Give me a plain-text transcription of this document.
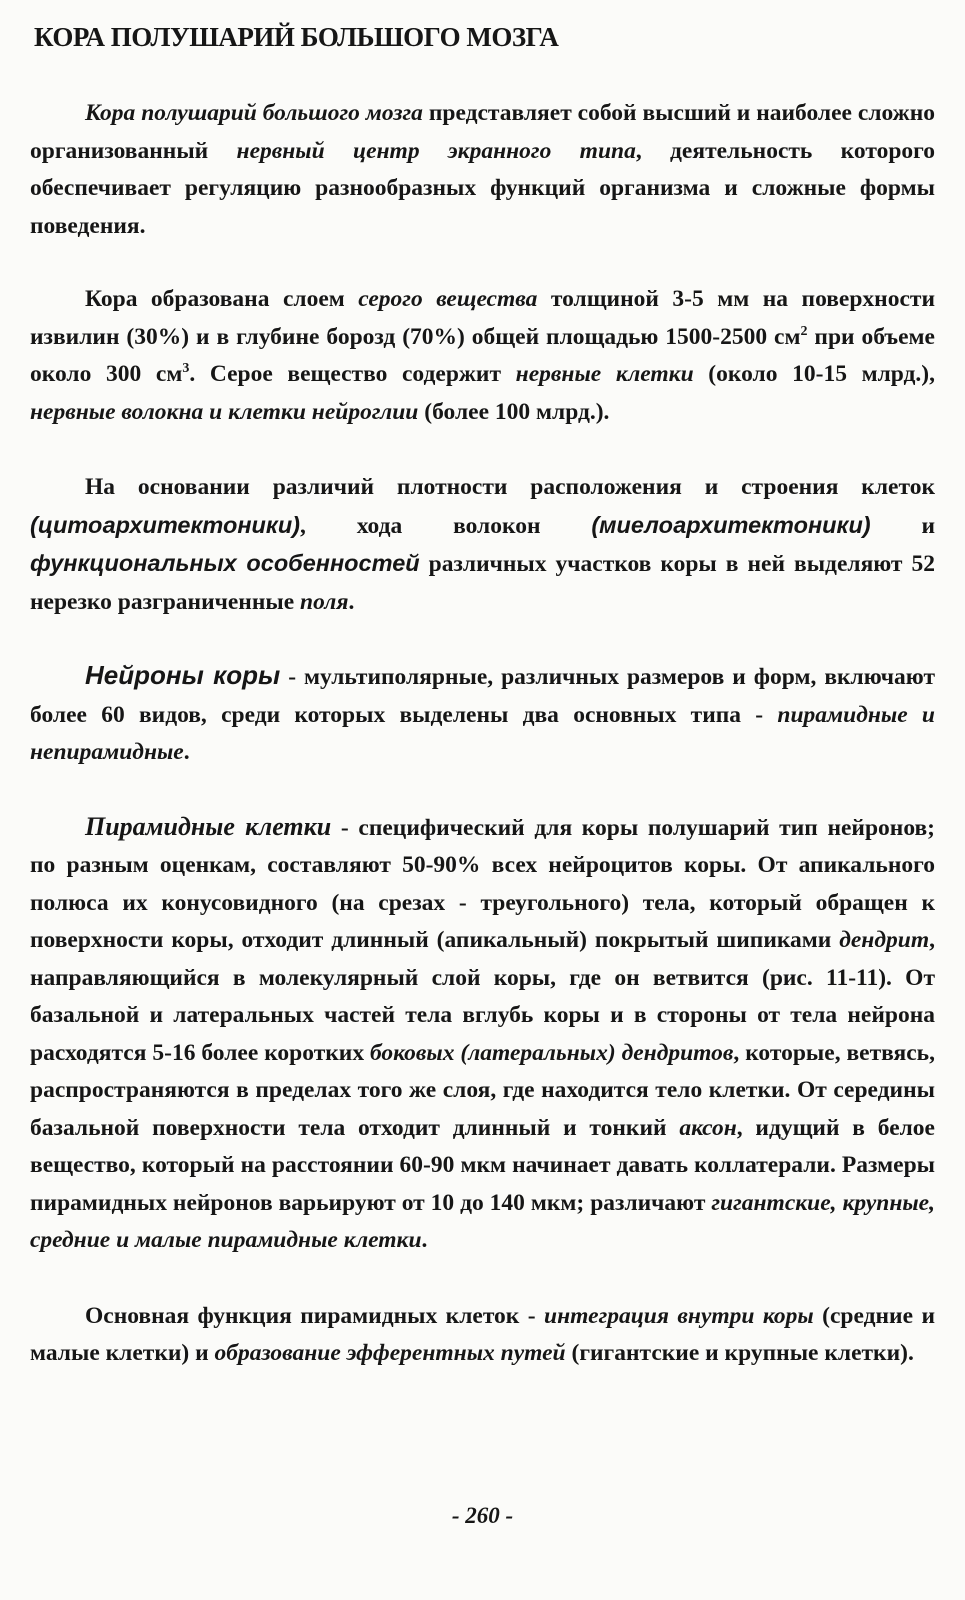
КОРА ПОЛУШАРИЙ БОЛЬШОГО МОЗГА

Кора полушарий большого мозга представляет собой высший и наиболее сложно организованный нервный центр экранного типа, деятельность которого обеспечивает регуляцию разнообразных функций организма и сложные формы поведения.

Кора образована слоем серого вещества толщиной 3-5 мм на поверхности извилин (30%) и в глубине борозд (70%) общей площадью 1500-2500 $см^2$ при объеме около 300 $см^3$. Серое вещество содержит нервные клетки (около 10-15 млрд.), нервные волокна и клетки нейроглии (более 100 млрд.).

На основании различий плотности расположения и строения клеток (цитоархитектоники), хода волокон (миелоархитектоники) и функциональных особенностей различных участков коры в ней выделяют 52 нерезко разграниченные поля.

Нейроны коры - мультиполярные, различных размеров и форм, включают более 60 видов, среди которых выделены два основных типа - пирамидные и непирамидные.

Пирамидные клетки - специфический для коры полушарий тип нейронов; по разным оценкам, составляют 50-90% всех нейроцитов коры. От апикального полюса их конусовидного (на срезах - треугольного) тела, который обращен к поверхности коры, отходит длинный (апикальный) покрытый шипиками дендрит, направляющийся в молекулярный слой коры, где он ветвится (рис. 11-11). От базальной и латеральных частей тела вглубь коры и в стороны от тела нейрона расходятся 5-16 более коротких боковых (латеральных) дендритов, которые, ветвясь, распространяются в пределах того же слоя, где находится тело клетки. От середины базальной поверхности тела отходит длинный и тонкий аксон, идущий в белое вещество, который на расстоянии 60-90 мкм начинает давать коллатерали. Размеры пирамидных нейронов варьируют от 10 до 140 мкм; различают гигантские, крупные, средние и малые пирамидные клетки.

Основная функция пирамидных клеток - интеграция внутри коры (средние и малые клетки) и образование эфферентных путей (гигантские и крупные клетки).

- 260 -
